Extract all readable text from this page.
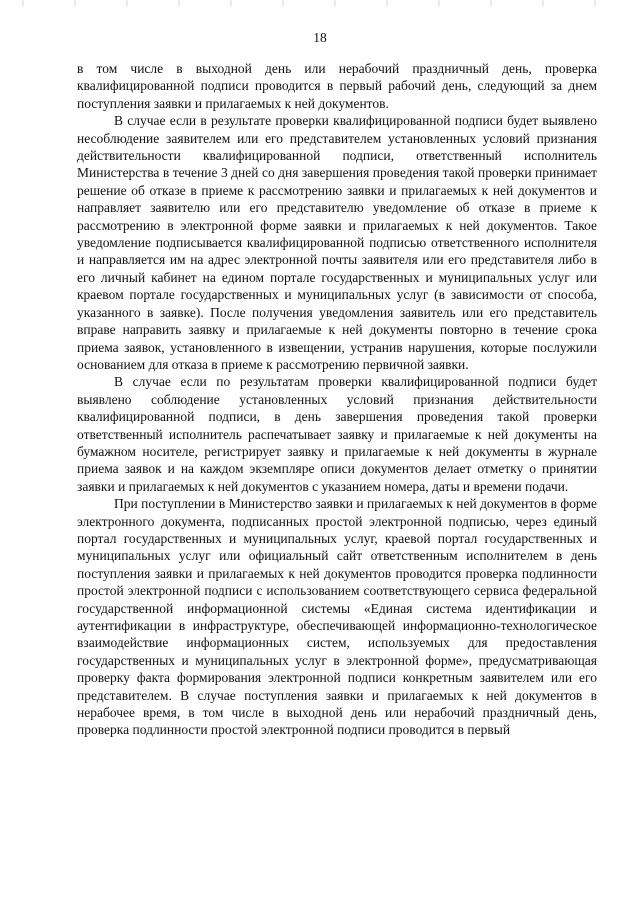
18

в том числе в выходной день или нерабочий праздничный день, проверка квалифицированной подписи проводится в первый рабочий день, следующий за днем поступления заявки и прилагаемых к ней документов.

В случае если в результате проверки квалифицированной подписи будет выявлено несоблюдение заявителем или его представителем установленных условий признания действительности квалифицированной подписи, ответственный исполнитель Министерства в течение 3 дней со дня завершения проведения такой проверки принимает решение об отказе в приеме к рассмотрению заявки и прилагаемых к ней документов и направляет заявителю или его представителю уведомление об отказе в приеме к рассмотрению в электронной форме заявки и прилагаемых к ней документов. Такое уведомление подписывается квалифицированной подписью ответственного исполнителя и направляется им на адрес электронной почты заявителя или его представителя либо в его личный кабинет на едином портале государственных и муниципальных услуг или краевом портале государственных и муниципальных услуг (в зависимости от способа, указанного в заявке). После получения уведомления заявитель или его представитель вправе направить заявку и прилагаемые к ней документы повторно в течение срока приема заявок, установленного в извещении, устранив нарушения, которые послужили основанием для отказа в приеме к рассмотрению первичной заявки.

В случае если по результатам проверки квалифицированной подписи будет выявлено соблюдение установленных условий признания действительности квалифицированной подписи, в день завершения проведения такой проверки ответственный исполнитель распечатывает заявку и прилагаемые к ней документы на бумажном носителе, регистрирует заявку и прилагаемые к ней документы в журнале приема заявок и на каждом экземпляре описи документов делает отметку о принятии заявки и прилагаемых к ней документов с указанием номера, даты и времени подачи.

При поступлении в Министерство заявки и прилагаемых к ней документов в форме электронного документа, подписанных простой электронной подписью, через единый портал государственных и муниципальных услуг, краевой портал государственных и муниципальных услуг или официальный сайт ответственным исполнителем в день поступления заявки и прилагаемых к ней документов проводится проверка подлинности простой электронной подписи с использованием соответствующего сервиса федеральной государственной информационной системы «Единая система идентификации и аутентификации в инфраструктуре, обеспечивающей информационно-технологическое взаимодействие информационных систем, используемых для предоставления государственных и муниципальных услуг в электронной форме», предусматривающая проверку факта формирования электронной подписи конкретным заявителем или его представителем. В случае поступления заявки и прилагаемых к ней документов в нерабочее время, в том числе в выходной день или нерабочий праздничный день, проверка подлинности простой электронной подписи проводится в первый
